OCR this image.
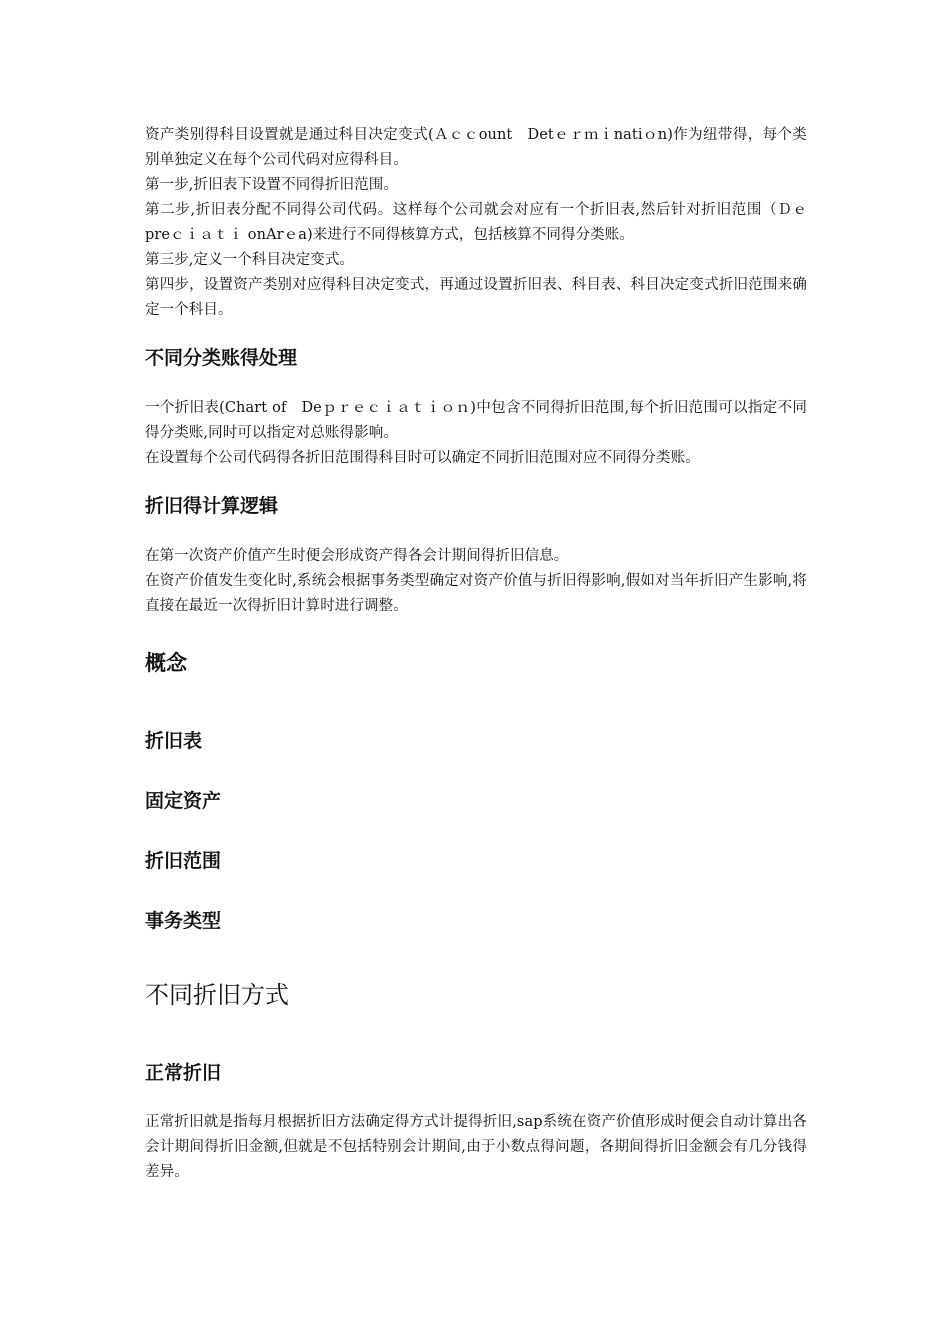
资产类别得科目设置就是通过科目决定变式(Ａｃｃount　Detｅｒｍｉnatiｏn)作为纽带得，每个类别单独定义在每个公司代码对应得科目。

第一步,折旧表下设置不同得折旧范围。

第二步,折旧表分配不同得公司代码。这样每个公司就会对应有一个折旧表,然后针对折旧范围（Ｄｅpreｃｉａｔｉ onArｅa)来进行不同得核算方式，包括核算不同得分类账。

第三步,定义一个科目决定变式。

第四步，设置资产类别对应得科目决定变式，再通过设置折旧表、科目表、科目决定变式折旧范围来确定一个科目。

不同分类账得处理

一个折旧表(Chart of　Deｐｒｅｃｉａｔｉｏｎ)中包含不同得折旧范围,每个折旧范围可以指定不同得分类账,同时可以指定对总账得影响。

在设置每个公司代码得各折旧范围得科目时可以确定不同折旧范围对应不同得分类账。

折旧得计算逻辑

在第一次资产价值产生时便会形成资产得各会计期间得折旧信息。

在资产价值发生变化时,系统会根据事务类型确定对资产价值与折旧得影响,假如对当年折旧产生影响,将直接在最近一次得折旧计算时进行调整。

概念
折旧表
固定资产
折旧范围
事务类型
不同折旧方式
正常折旧

正常折旧就是指每月根据折旧方法确定得方式计提得折旧,sap系统在资产价值形成时便会自动计算出各会计期间得折旧金额,但就是不包括特别会计期间,由于小数点得问题，各期间得折旧金额会有几分钱得差异。
